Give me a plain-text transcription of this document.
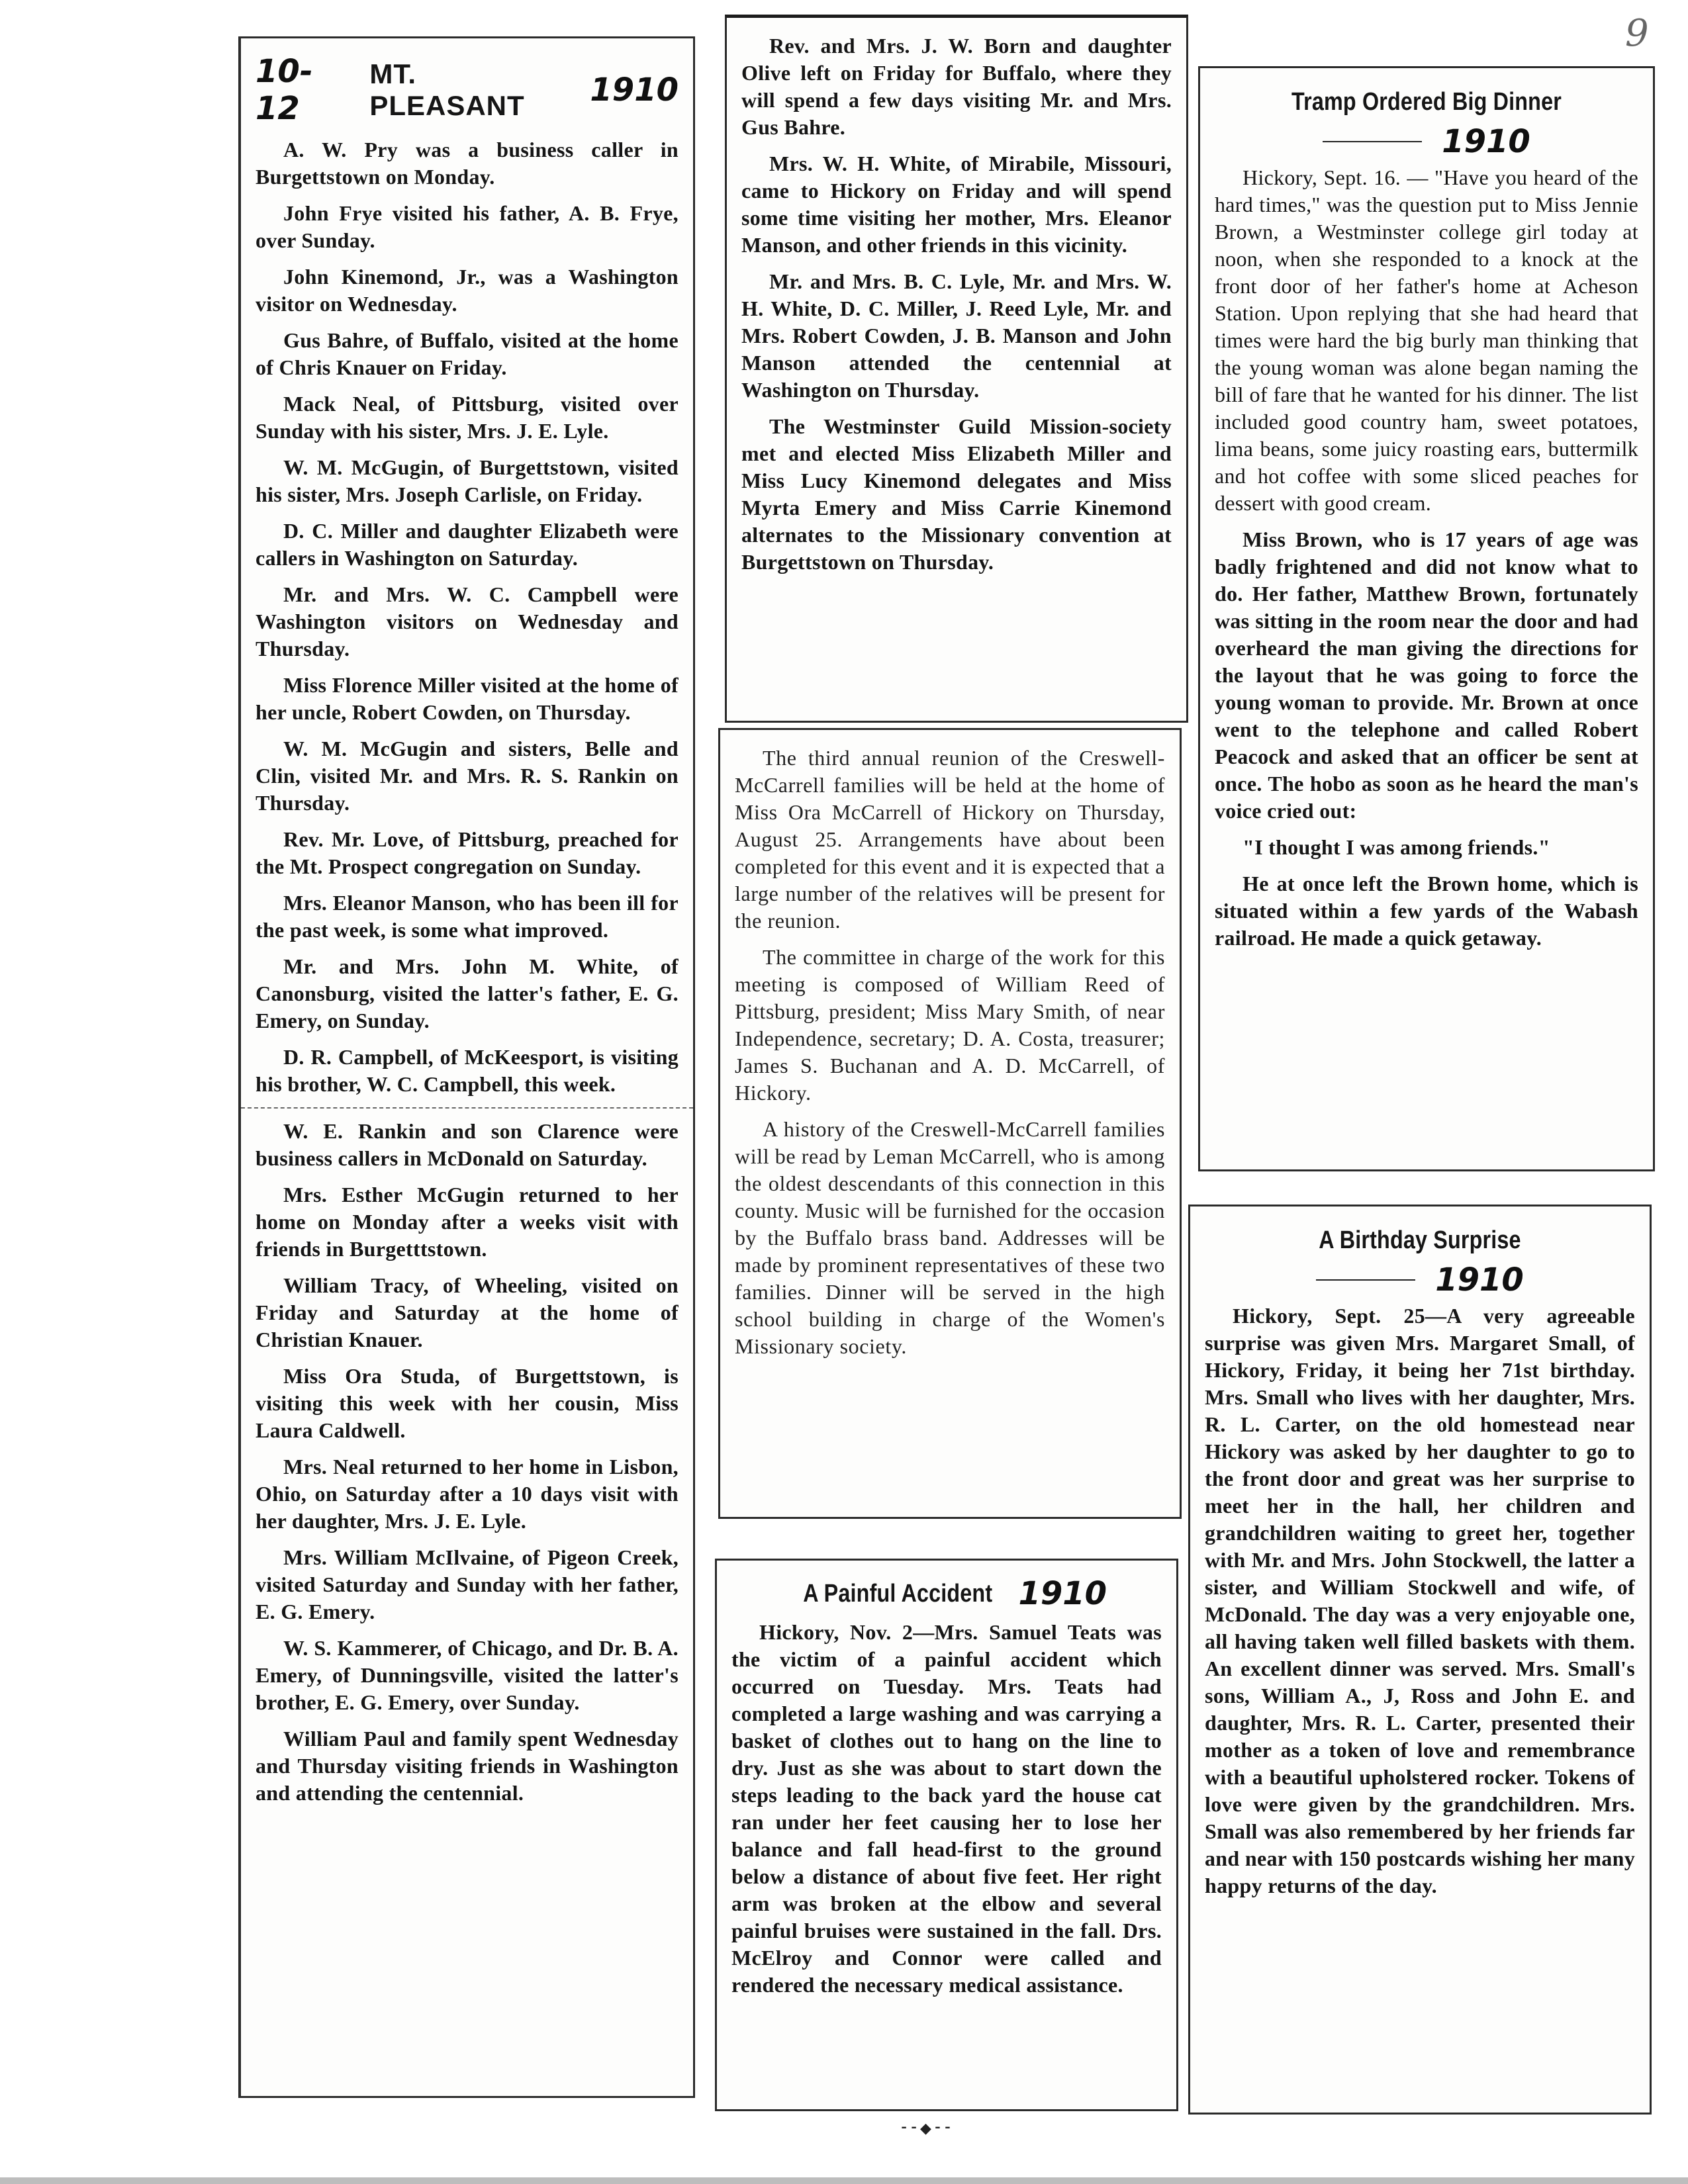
9
10-12
MT. PLEASANT	1910

A. W. Pry was a business caller in Burgettstown on Monday.

John Frye visited his father, A. B. Frye, over Sunday.

John Kinemond, Jr., was a Washington visitor on Wednesday.

Gus Bahre, of Buffalo, visited at the home of Chris Knauer on Friday.

Mack Neal, of Pittsburg, visited over Sunday with his sister, Mrs. J. E. Lyle.

W. M. McGugin, of Burgettstown, visited his sister, Mrs. Joseph Carlisle, on Friday.

D. C. Miller and daughter Elizabeth were callers in Washington on Saturday.

Mr. and Mrs. W. C. Campbell were Washington visitors on Wednesday and Thursday.

Miss Florence Miller visited at the home of her uncle, Robert Cowden, on Thursday.

W. M. McGugin and sisters, Belle and Clin, visited Mr. and Mrs. R. S. Rankin on Thursday.

Rev. Mr. Love, of Pittsburg, preached for the Mt. Prospect congregation on Sunday.

Mrs. Eleanor Manson, who has been ill for the past week, is some what improved.

Mr. and Mrs. John M. White, of Canonsburg, visited the latter's father, E. G. Emery, on Sunday.

D. R. Campbell, of McKeesport, is visiting his brother, W. C. Campbell, this week.

W. E. Rankin and son Clarence were business callers in McDonald on Saturday.

Mrs. Esther McGugin returned to her home on Monday after a weeks visit with friends in Burgetttstown.

William Tracy, of Wheeling, visited on Friday and Saturday at the home of Christian Knauer.

Miss Ora Studa, of Burgettstown, is visiting this week with her cousin, Miss Laura Caldwell.

Mrs. Neal returned to her home in Lisbon, Ohio, on Saturday after a 10 days visit with her daughter, Mrs. J. E. Lyle.

Mrs. William McIlvaine, of Pigeon Creek, visited Saturday and Sunday with her father, E. G. Emery.

W. S. Kammerer, of Chicago, and Dr. B. A. Emery, of Dunningsville, visited the latter's brother, E. G. Emery, over Sunday.

William Paul and family spent Wednesday and Thursday visiting friends in Washington and attending the centennial.

Rev. and Mrs. J. W. Born and daughter Olive left on Friday for Buffalo, where they will spend a few days visiting Mr. and Mrs. Gus Bahre.

Mrs. W. H. White, of Mirabile, Missouri, came to Hickory on Friday and will spend some time visiting her mother, Mrs. Eleanor Manson, and other friends in this vicinity.

Mr. and Mrs. B. C. Lyle, Mr. and Mrs. W. H. White, D. C. Miller, J. Reed Lyle, Mr. and Mrs. Robert Cowden, J. B. Manson and John Manson attended the centennial at Washington on Thursday.

The Westminster Guild Mission-society met and elected Miss Elizabeth Miller and Miss Lucy Kinemond delegates and Miss Myrta Emery and Miss Carrie Kinemond alternates to the Missionary convention at Burgettstown on Thursday.

The third annual reunion of the Creswell-McCarrell families will be held at the home of Miss Ora McCarrell of Hickory on Thursday, August 25. Arrangements have about been completed for this event and it is expected that a large number of the relatives will be present for the reunion.

The committee in charge of the work for this meeting is composed of William Reed of Pittsburg, president; Miss Mary Smith, of near Independence, secretary; D. A. Costa, treasurer; James S. Buchanan and A. D. McCarrell, of Hickory.

A history of the Creswell-McCarrell families will be read by Leman McCarrell, who is among the oldest descendants of this connection in this county. Music will be furnished for the occasion by the Buffalo brass band. Addresses will be made by prominent representatives of these two families. Dinner will be served in the high school building in charge of the Women's Missionary society.

A Painful Accident 1910

Hickory, Nov. 2—Mrs. Samuel Teats was the victim of a painful accident which occurred on Tuesday. Mrs. Teats had completed a large washing and was carrying a basket of clothes out to hang on the line to dry. Just as she was about to start down the steps leading to the back yard the house cat ran under her feet causing her to lose her balance and fall head-first to the ground below a distance of about five feet. Her right arm was broken at the elbow and several painful bruises were sustained in the fall. Drs. McElroy and Connor were called and rendered the necessary medical assistance.

⁃⁃◆⁃⁃
Tramp Ordered Big Dinner
1910

Hickory, Sept. 16. — "Have you heard of the hard times," was the question put to Miss Jennie Brown, a Westminster college girl today at noon, when she responded to a knock at the front door of her father's home at Acheson Station. Upon replying that she had heard that times were hard the big burly man thinking that the young woman was alone began naming the bill of fare that he wanted for his dinner. The list included good country ham, sweet potatoes, lima beans, some juicy roasting ears, buttermilk and hot coffee with some sliced peaches for dessert with good cream.

Miss Brown, who is 17 years of age was badly frightened and did not know what to do. Her father, Matthew Brown, fortunately was sitting in the room near the door and had overheard the man giving the directions for the layout that he was going to force the young woman to provide. Mr. Brown at once went to the telephone and called Robert Peacock and asked that an officer be sent at once. The hobo as soon as he heard the man's voice cried out:

"I thought I was among friends."

He at once left the Brown home, which is situated within a few yards of the Wabash railroad. He made a quick getaway.

A Birthday Surprise
1910

Hickory, Sept. 25—A very agreeable surprise was given Mrs. Margaret Small, of Hickory, Friday, it being her 71st birthday. Mrs. Small who lives with her daughter, Mrs. R. L. Carter, on the old homestead near Hickory was asked by her daughter to go to the front door and great was her surprise to meet her in the hall, her children and grandchildren waiting to greet her, together with Mr. and Mrs. John Stockwell, the latter a sister, and William Stockwell and wife, of McDonald. The day was a very enjoyable one, all having taken well filled baskets with them. An excellent dinner was served. Mrs. Small's sons, William A., J, Ross and John E. and daughter, Mrs. R. L. Carter, presented their mother as a token of love and remembrance with a beautiful upholstered rocker. Tokens of love were given by the grandchildren. Mrs. Small was also remembered by her friends far and near with 150 postcards wishing her many happy returns of the day.
